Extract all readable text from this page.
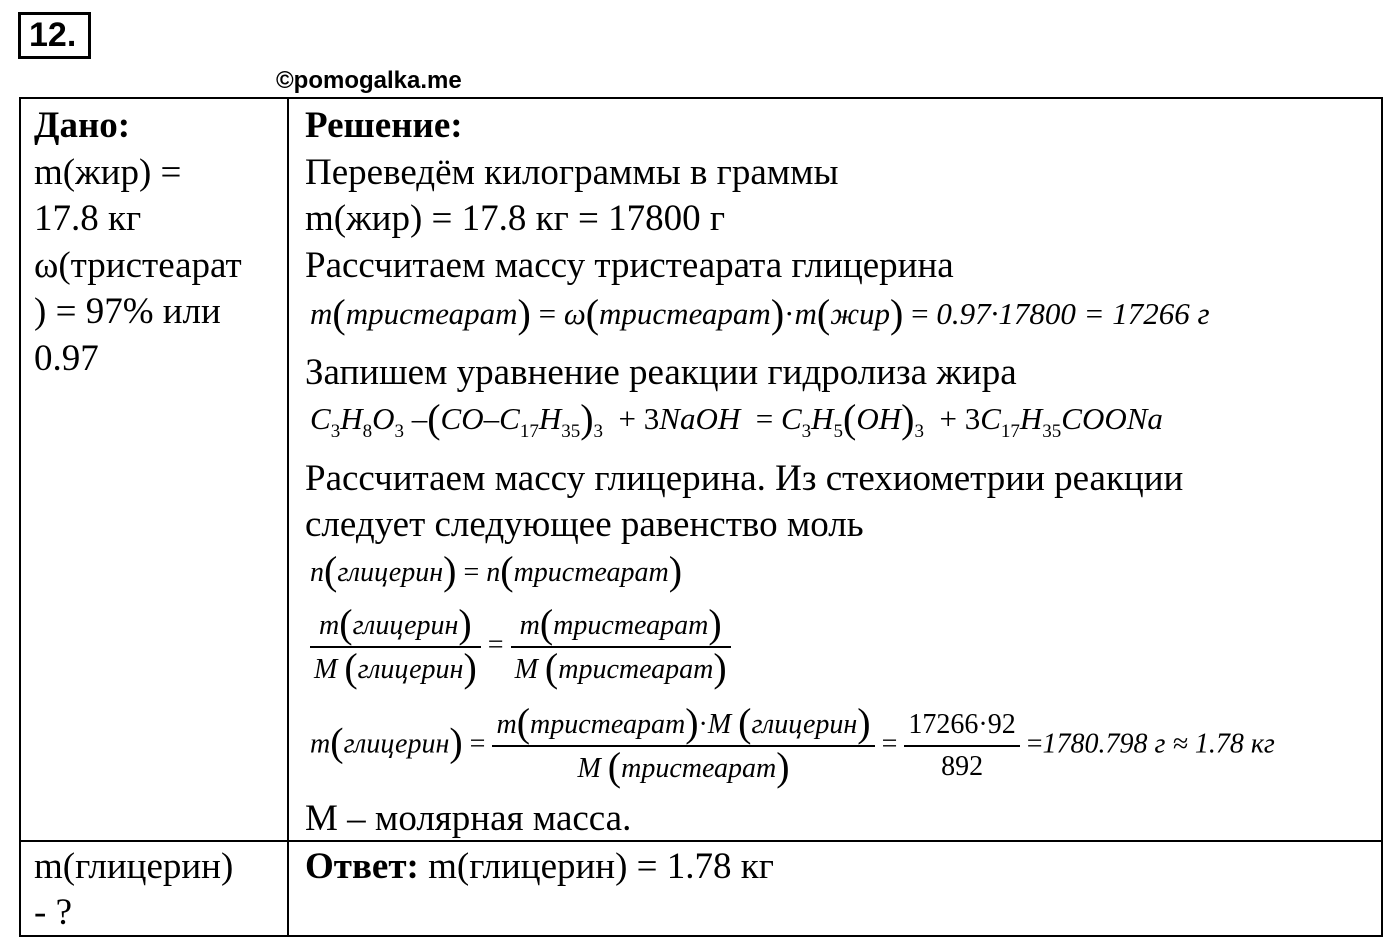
12.
©pomogalka.me
Дано:
m(жир) =
17.8 кг
ω(тристеарат
) = 97% или
0.97
m(глицерин)
- ?
Решение:
Переведём килограммы в граммы
m(жир) = 17.8 кг = 17800 г
Рассчитаем массу тристеарата глицерина
m(тристеарат) = ω(тристеарат)·m(жир) = 0.97·17800 = 17266 г
Запишем уравнение реакции гидролиза жира
$C_3H_8O_3$ $-(CO-C_{17}H_{35})_3$ + 3NaOH  = $C_3H_5(OH)_3$ + $3C_{17}H_{35}COONa$
Рассчитаем массу глицерина. Из стехиометрии реакции
следует следующее равенство моль
n(глицерин) = n(тристеарат)
$\frac{\text{m(глицерин)}}{\text{M (глицерин)}} = \frac{\text{m(тристеарат)}}{\text{M (тристеарат)}}$
m(глицерин) = $\frac{\text{m(тристеарат)·M (глицерин)}}{\text{M (тристеарат)}} = \frac{17266\cdot 92}{892} =1780.798$ г ≈ 1.78 кг
M – молярная масса.
Ответ: m(глицерин) = 1.78 кг
